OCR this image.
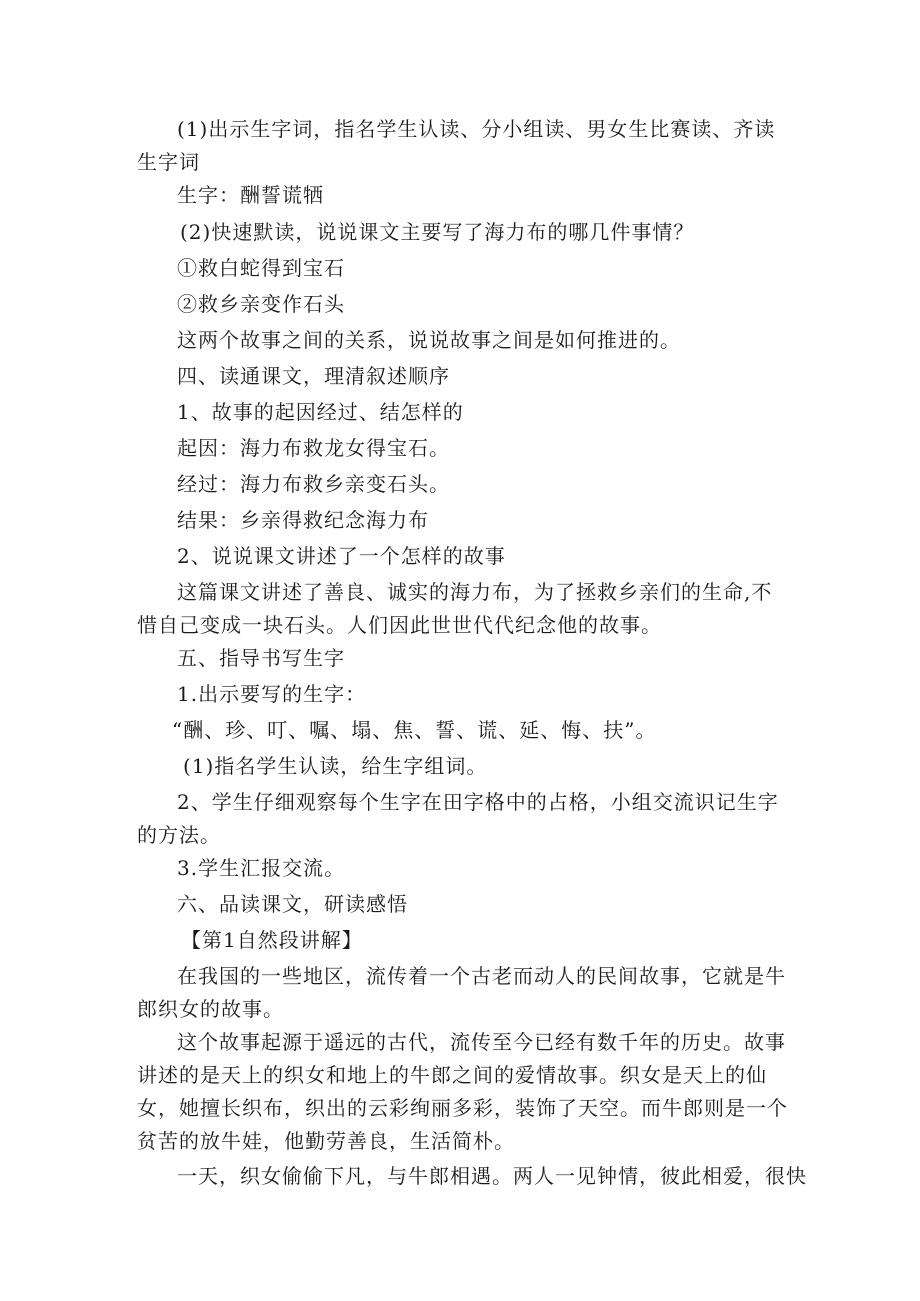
(1)出示生字词，指名学生认读、分小组读、男女生比赛读、齐读生字词

生字：酬誓谎牺

(2)快速默读，说说课文主要写了海力布的哪几件事情？

①救白蛇得到宝石

②救乡亲变作石头

这两个故事之间的关系，说说故事之间是如何推进的。

四、读通课文，理清叙述顺序

1、故事的起因经过、结怎样的

起因：海力布救龙女得宝石。

经过：海力布救乡亲变石头。

结果：乡亲得救纪念海力布

2、说说课文讲述了一个怎样的故事

这篇课文讲述了善良、诚实的海力布，为了拯救乡亲们的生命,不惜自己变成一块石头。人们因此世世代代纪念他的故事。

五、指导书写生字

1.出示要写的生字：

“酬、珍、叮、嘱、塌、焦、誓、谎、延、悔、扶”。

(1)指名学生认读，给生字组词。

2、学生仔细观察每个生字在田字格中的占格，小组交流识记生字的方法。

3.学生汇报交流。

六、品读课文，研读感悟

【第1自然段讲解】

在我国的一些地区，流传着一个古老而动人的民间故事，它就是牛郎织女的故事。

这个故事起源于遥远的古代，流传至今已经有数千年的历史。故事讲述的是天上的织女和地上的牛郎之间的爱情故事。织女是天上的仙女，她擅长织布，织出的云彩绚丽多彩，装饰了天空。而牛郎则是一个贫苦的放牛娃，他勤劳善良，生活简朴。

一天，织女偷偷下凡，与牛郎相遇。两人一见钟情，彼此相爱，很快
